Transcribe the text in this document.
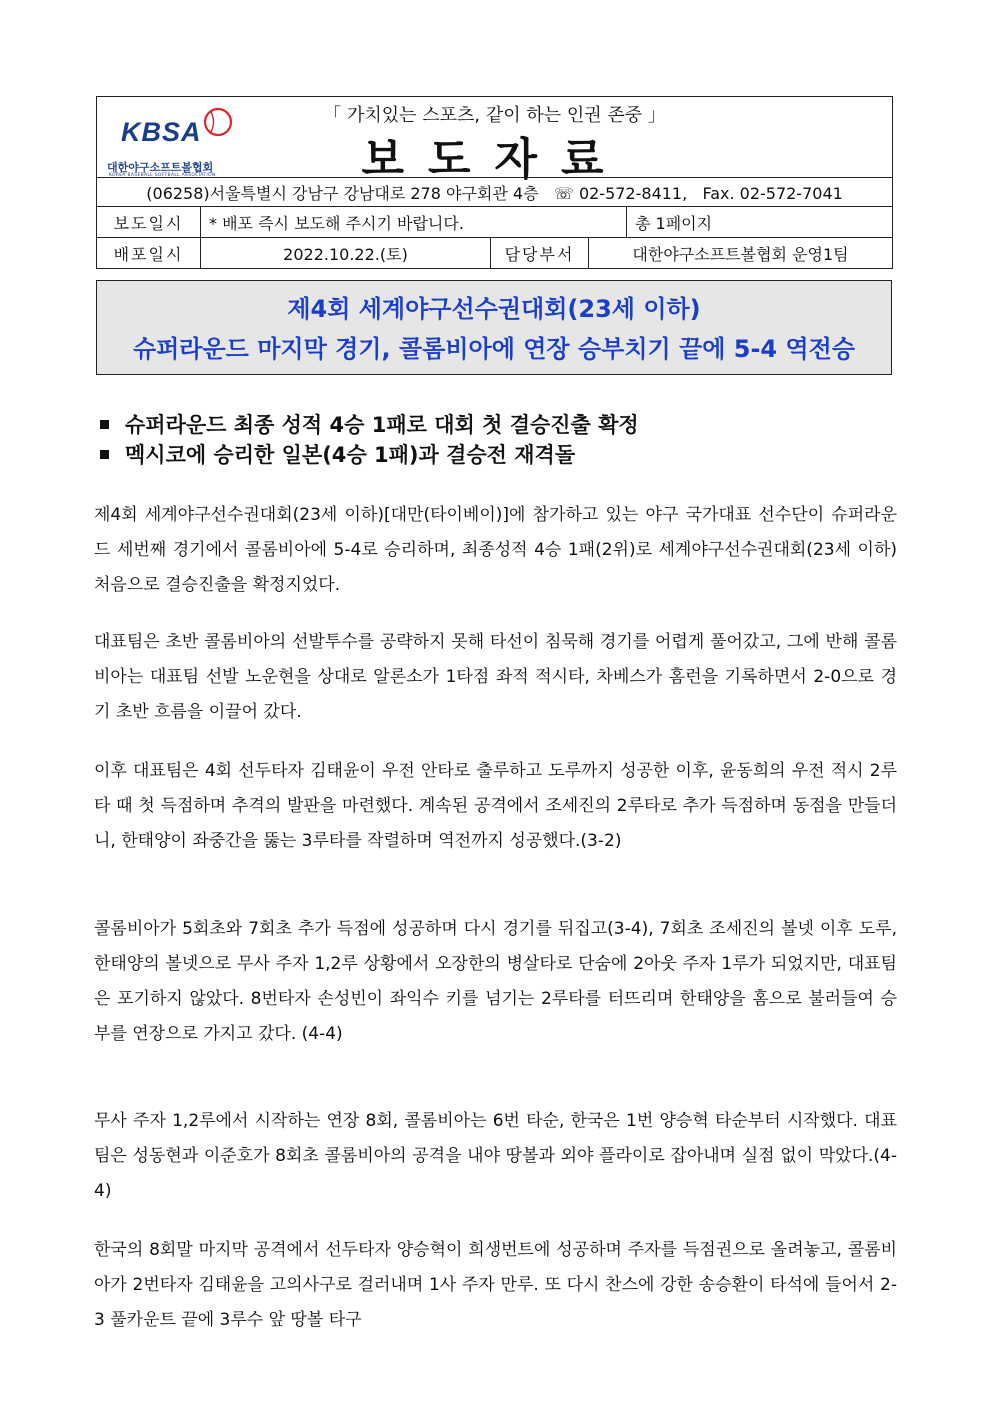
KBSA
대한야구소프트볼협회
KOREA BASEBALL SOFTBALL ASSOCIATION
「 가치있는 스포츠, 같이 하는 인권 존중 」
보도자료				

(06258)서울특별시 강남구 강남대로 278 야구회관 4층 ☏ 02-572-8411, Fax. 02-572-7041				
보도일시	* 배포 즉시 보도해 주시기 바랍니다.			총 1페이지
배포일시	2022.10.22.(토)	담당부서	대한야구소프트볼협회 운영1팀	
제4회 세계야구선수권대회(23세 이하)
슈퍼라운드 마지막 경기, 콜롬비아에 연장 승부치기 끝에 5-4 역전승
슈퍼라운드 최종 성적 4승 1패로 대회 첫 결승진출 확정
멕시코에 승리한 일본(4승 1패)과 결승전 재격돌

제4회 세계야구선수권대회(23세 이하)[대만(타이베이)]에 참가하고 있는 야구 국가대표 선수단이 슈퍼라운드 세번째 경기에서 콜롬비아에 5-4로 승리하며, 최종성적 4승 1패(2위)로 세계야구선수권대회(23세 이하) 처음으로 결승진출을 확정지었다.

대표팀은 초반 콜롬비아의 선발투수를 공략하지 못해 타선이 침묵해 경기를 어렵게 풀어갔고, 그에 반해 콜롬비아는 대표팀 선발 노운현을 상대로 알론소가 1타점 좌적 적시타, 차베스가 홈런을 기록하면서 2-0으로 경기 초반 흐름을 이끌어 갔다.

이후 대표팀은 4회 선두타자 김태윤이 우전 안타로 출루하고 도루까지 성공한 이후, 윤동희의 우전 적시 2루타 때 첫 득점하며 추격의 발판을 마련했다. 계속된 공격에서 조세진의 2루타로 추가 득점하며 동점을 만들더니, 한태양이 좌중간을 뚫는 3루타를 작렬하며 역전까지 성공했다.(3-2)

콜롬비아가 5회초와 7회초 추가 득점에 성공하며 다시 경기를 뒤집고(3-4), 7회초 조세진의 볼넷 이후 도루, 한태양의 볼넷으로 무사 주자 1,2루 상황에서 오장한의 병살타로 단숨에 2아웃 주자 1루가 되었지만, 대표팀은 포기하지 않았다. 8번타자 손성빈이 좌익수 키를 넘기는 2루타를 터뜨리며 한태양을 홈으로 불러들여 승부를 연장으로 가지고 갔다. (4-4)

무사 주자 1,2루에서 시작하는 연장 8회, 콜롬비아는 6번 타순, 한국은 1번 양승혁 타순부터 시작했다. 대표팀은 성동현과 이준호가 8회초 콜롬비아의 공격을 내야 땅볼과 외야 플라이로 잡아내며 실점 없이 막았다.(4-4)

한국의 8회말 마지막 공격에서 선두타자 양승혁이 희생번트에 성공하며 주자를 득점권으로 올려놓고, 콜롬비아가 2번타자 김태윤을 고의사구로 걸러내며 1사 주자 만루. 또 다시 찬스에 강한 송승환이 타석에 들어서 2-3 풀카운트 끝에 3루수 앞 땅볼 타구
